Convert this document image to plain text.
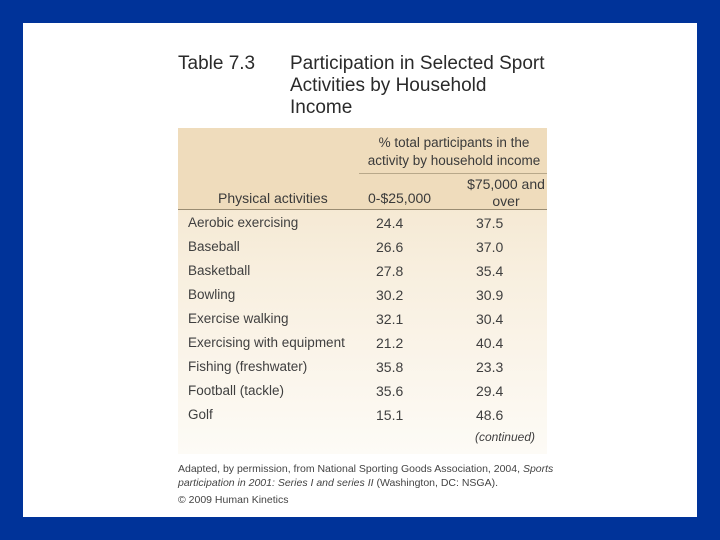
Table 7.3 Participation in Selected Sport Activities by Household Income
% total participants in the activity by household income
Physical activities	0-$25,000
$75,000 and over
Aerobic exercising	24.4	37.5
Baseball	26.6	37.0
Basketball	27.8	35.4
Bowling	30.2	30.9
Exercise walking	32.1	30.4
Exercising with equipment 21.2	40.4
Fishing (freshwater)	35.8	23.3
Football (tackle)	35.6	29.4
Golf	15.1	48.6
(continued)
Adapted, by permission, from National Sporting Goods Association, 2004, Sports participation in 2001: Series I and series II (Washington, DC: NSGA).
© 2009 Human Kinetics
